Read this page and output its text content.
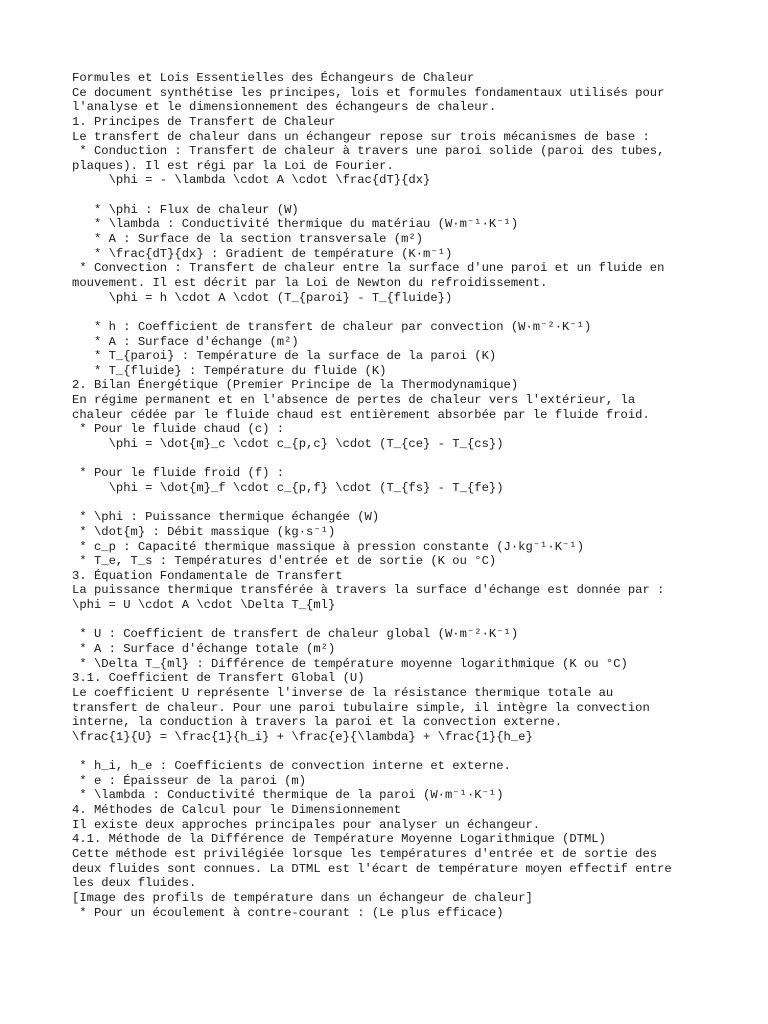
Formules et Lois Essentielles des Échangeurs de Chaleur
Ce document synthétise les principes, lois et formules fondamentaux utilisés pour
l'analyse et le dimensionnement des échangeurs de chaleur.
1. Principes de Transfert de Chaleur
Le transfert de chaleur dans un échangeur repose sur trois mécanismes de base :
* Conduction : Transfert de chaleur à travers une paroi solide (paroi des tubes,
plaques). Il est régi par la Loi de Fourier.
\phi = - \lambda \cdot A \cdot \frac{dT}{dx}
* \phi : Flux de chaleur (W)
* \lambda : Conductivité thermique du matériau (W·m⁻¹·K⁻¹)
* A : Surface de la section transversale (m²)
* \frac{dT}{dx} : Gradient de température (K·m⁻¹)
* Convection : Transfert de chaleur entre la surface d'une paroi et un fluide en
mouvement. Il est décrit par la Loi de Newton du refroidissement.
\phi = h \cdot A \cdot (T_{paroi} - T_{fluide})
* h : Coefficient de transfert de chaleur par convection (W·m⁻²·K⁻¹)
* A : Surface d'échange (m²)
* T_{paroi} : Température de la surface de la paroi (K)
* T_{fluide} : Température du fluide (K)
2. Bilan Énergétique (Premier Principe de la Thermodynamique)
En régime permanent et en l'absence de pertes de chaleur vers l'extérieur, la
chaleur cédée par le fluide chaud est entièrement absorbée par le fluide froid.
* Pour le fluide chaud (c) :
\phi = \dot{m}_c \cdot c_{p,c} \cdot (T_{ce} - T_{cs})
* Pour le fluide froid (f) :
\phi = \dot{m}_f \cdot c_{p,f} \cdot (T_{fs} - T_{fe})
* \phi : Puissance thermique échangée (W)
* \dot{m} : Débit massique (kg·s⁻¹)
* c_p : Capacité thermique massique à pression constante (J·kg⁻¹·K⁻¹)
* T_e, T_s : Températures d'entrée et de sortie (K ou °C)
3. Équation Fondamentale de Transfert
La puissance thermique transférée à travers la surface d'échange est donnée par :
\phi = U \cdot A \cdot \Delta T_{ml}
* U : Coefficient de transfert de chaleur global (W·m⁻²·K⁻¹)
* A : Surface d'échange totale (m²)
* \Delta T_{ml} : Différence de température moyenne logarithmique (K ou °C)
3.1. Coefficient de Transfert Global (U)
Le coefficient U représente l'inverse de la résistance thermique totale au
transfert de chaleur. Pour une paroi tubulaire simple, il intègre la convection
interne, la conduction à travers la paroi et la convection externe.
\frac{1}{U} = \frac{1}{h_i} + \frac{e}{\lambda} + \frac{1}{h_e}
* h_i, h_e : Coefficients de convection interne et externe.
* e : Épaisseur de la paroi (m)
* \lambda : Conductivité thermique de la paroi (W·m⁻¹·K⁻¹)
4. Méthodes de Calcul pour le Dimensionnement
Il existe deux approches principales pour analyser un échangeur.
4.1. Méthode de la Différence de Température Moyenne Logarithmique (DTML)
Cette méthode est privilégiée lorsque les températures d'entrée et de sortie des
deux fluides sont connues. La DTML est l'écart de température moyen effectif entre
les deux fluides.
[Image des profils de température dans un échangeur de chaleur]
* Pour un écoulement à contre-courant : (Le plus efficace)
